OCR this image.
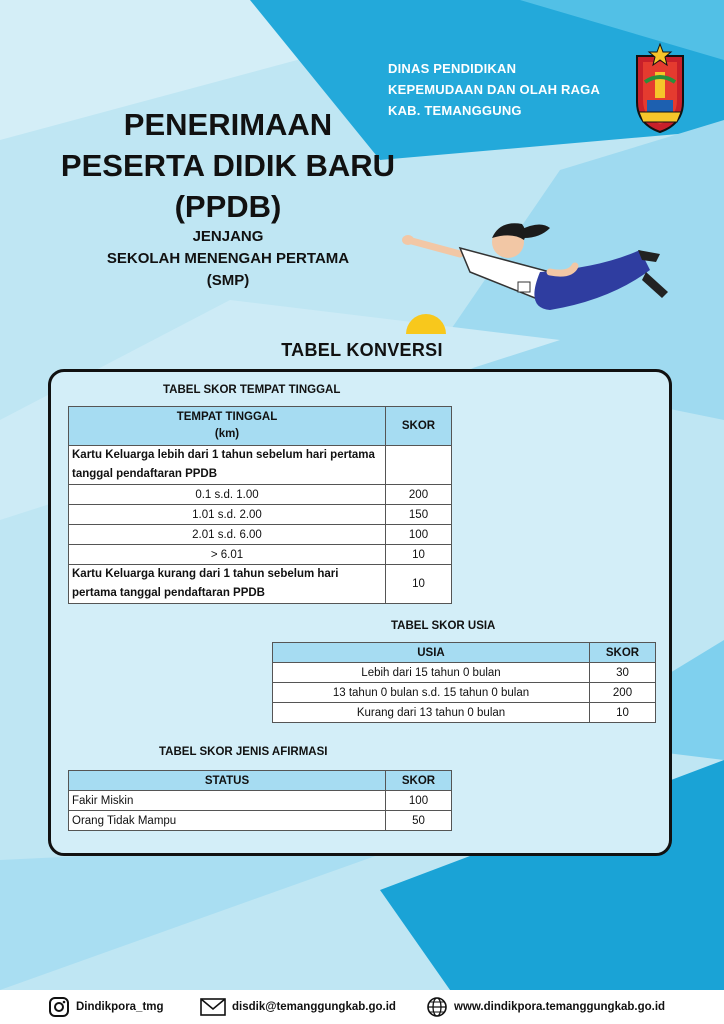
DINAS PENDIDIKAN
KEPEMUDAAN DAN OLAH RAGA
KAB. TEMANGGUNG
PENERIMAAN
PESERTA DIDIK BARU
(PPDB)
JENJANG
SEKOLAH MENENGAH PERTAMA
(SMP)
TABEL KONVERSI
TABEL SKOR TEMPAT TINGGAL
TEMPAT TINGGAL
(km)	SKOR
Kartu Keluarga lebih dari 1 tahun sebelum hari pertama tanggal pendaftaran PPDB	
0.1 s.d. 1.00	200
1.01 s.d. 2.00	150
2.01 s.d. 6.00	100
> 6.01	10
Kartu Keluarga kurang dari 1 tahun sebelum hari pertama tanggal pendaftaran PPDB	10
TABEL SKOR USIA
USIA	SKOR
Lebih dari 15 tahun 0 bulan	30
13 tahun 0 bulan s.d. 15 tahun 0 bulan	200
Kurang dari 13 tahun 0 bulan	10
TABEL SKOR JENIS AFIRMASI
STATUS	SKOR
Fakir Miskin	100
Orang Tidak Mampu	50
Dindikpora_tmg	disdik@temanggungkab.go.id	www.dindikpora.temanggungkab.go.id
